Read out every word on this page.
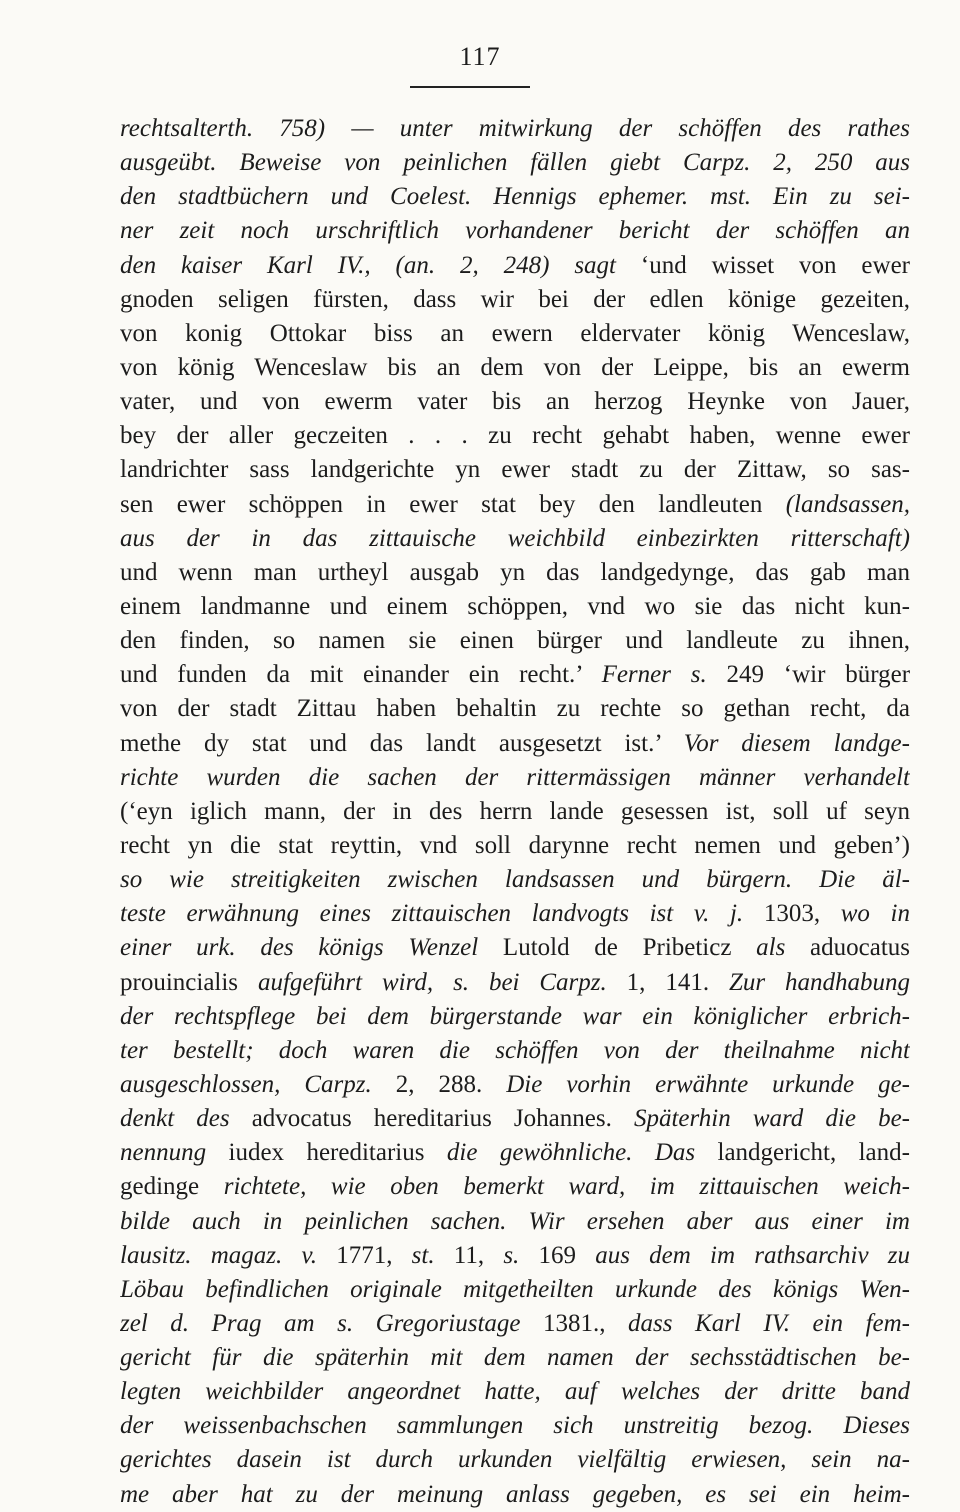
117
rechtsalterth. 758) — unter mitwirkung der schöffen des rathes
ausgeübt. Beweise von peinlichen fällen giebt Carpz. 2, 250 aus
den stadtbüchern und Coelest. Hennigs ephemer. mst. Ein zu sei-
ner zeit noch urschriftlich vorhandener bericht der schöffen an
den kaiser Karl IV., (an. 2, 248) sagt ‘und wisset von ewer
gnoden seligen fürsten, dass wir bei der edlen könige gezeiten,
von konig Ottokar biss an ewern eldervater könig Wenceslaw,
von könig Wenceslaw bis an dem von der Leippe, bis an ewerm
vater, und von ewerm vater bis an herzog Heynke von Jauer,
bey der aller geczeiten . . . zu recht gehabt haben, wenne ewer
landrichter sass landgerichte yn ewer stadt zu der Zittaw, so sas-
sen ewer schöppen in ewer stat bey den landleuten (landsassen,
aus der in das zittauische weichbild einbezirkten ritterschaft)
und wenn man urtheyl ausgab yn das landgedynge, das gab man
einem landmanne und einem schöppen, vnd wo sie das nicht kun-
den finden, so namen sie einen bürger und landleute zu ihnen,
und funden da mit einander ein recht.’ Ferner s. 249 ‘wir bürger
von der stadt Zittau haben behaltin zu rechte so gethan recht, da
methe dy stat und das landt ausgesetzt ist.’ Vor diesem landge-
richte wurden die sachen der rittermässigen männer verhandelt
(‘eyn iglich mann, der in des herrn lande gesessen ist, soll uf seyn
recht yn die stat reyttin, vnd soll darynne recht nemen und geben’)
so wie streitigkeiten zwischen landsassen und bürgern. Die äl-
teste erwähnung eines zittauischen landvogts ist v. j. 1303, wo in
einer urk. des königs Wenzel Lutold de Pribeticz als aduocatus
prouincialis aufgeführt wird, s. bei Carpz. 1, 141. Zur handhabung
der rechtspflege bei dem bürgerstande war ein königlicher erbrich-
ter bestellt; doch waren die schöffen von der theilnahme nicht
ausgeschlossen, Carpz. 2, 288. Die vorhin erwähnte urkunde ge-
denkt des advocatus hereditarius Johannes. Späterhin ward die be-
nennung iudex hereditarius die gewöhnliche. Das landgericht, land-
gedinge richtete, wie oben bemerkt ward, im zittauischen weich-
bilde auch in peinlichen sachen. Wir ersehen aber aus einer im
lausitz. magaz. v. 1771, st. 11, s. 169 aus dem im rathsarchiv zu
Löbau befindlichen originale mitgetheilten urkunde des königs Wen-
zel d. Prag am s. Gregoriustage 1381., dass Karl IV. ein fem-
gericht für die späterhin mit dem namen der sechsstädtischen be-
legten weichbilder angeordnet hatte, auf welches der dritte band
der weissenbachschen sammlungen sich unstreitig bezog. Dieses
gerichtes dasein ist durch urkunden vielfältig erwiesen, sein na-
me aber hat zu der meinung anlass gegeben, es sei ein heim-
